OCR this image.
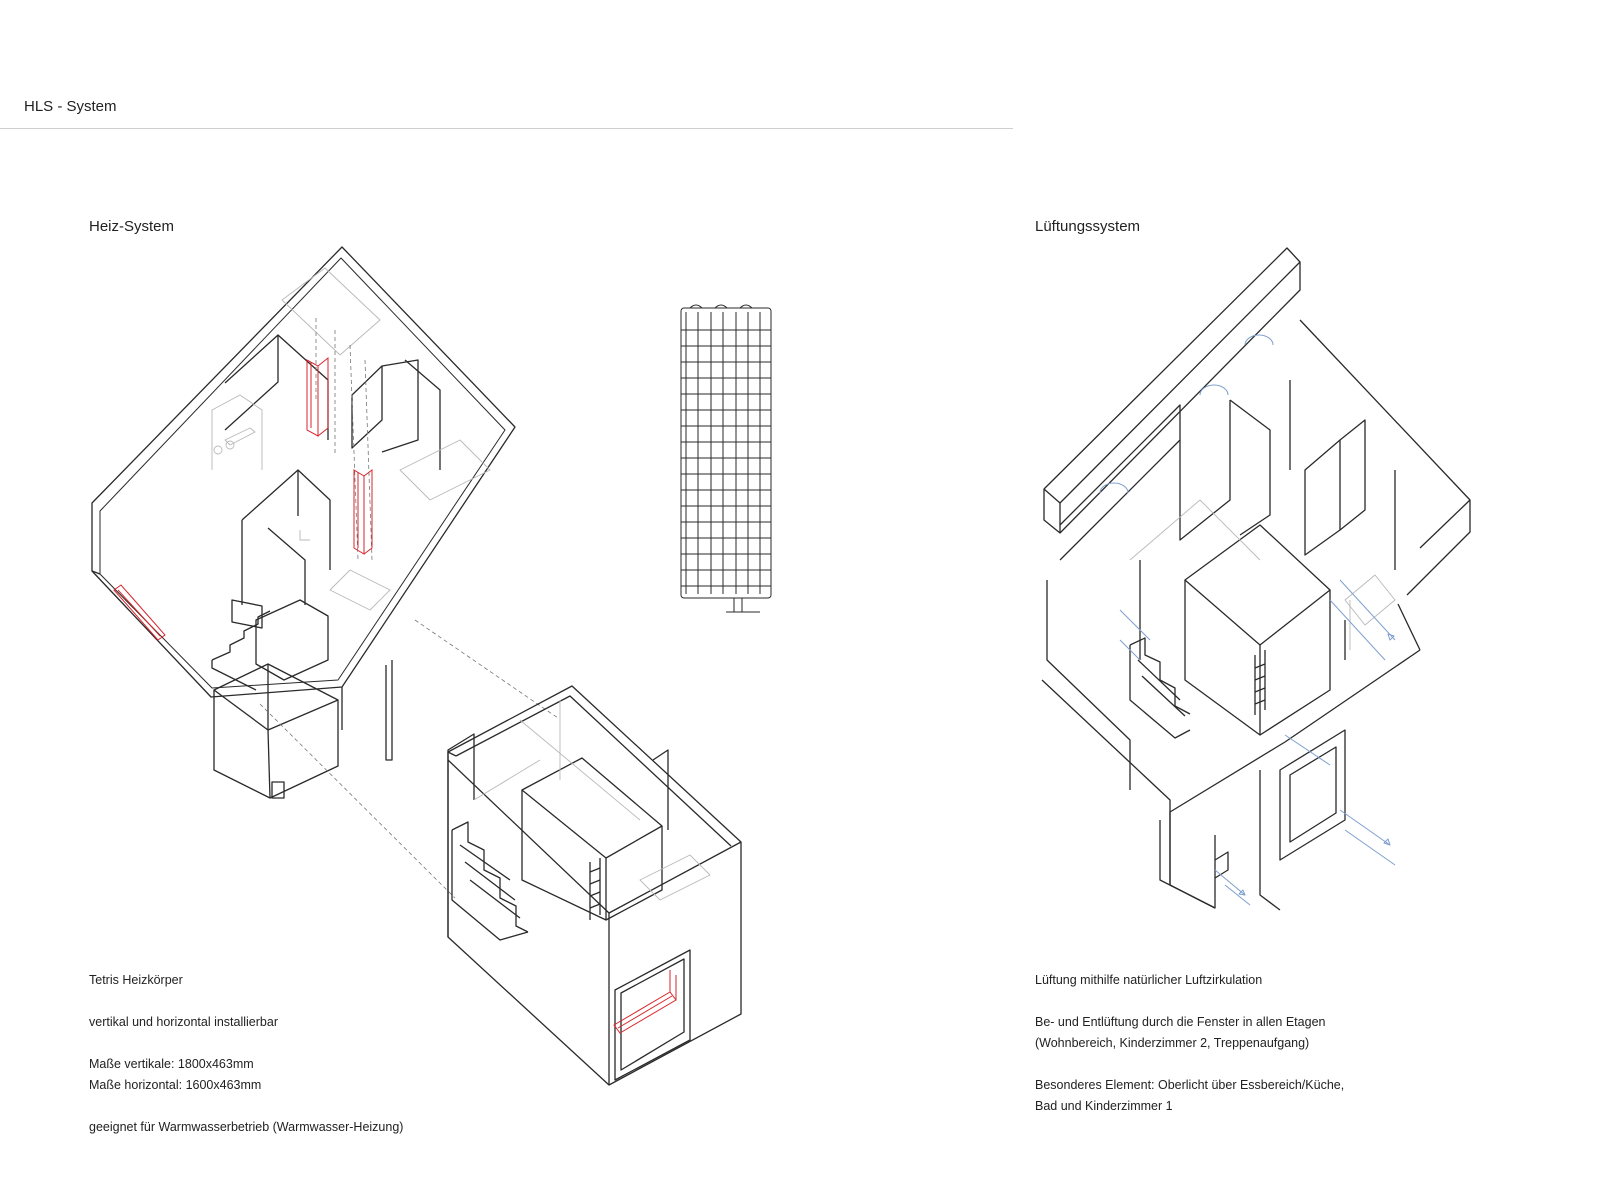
HLS - System
Heiz-System	Lüftungssystem

Tetris Heizkörper

vertikal und horizontal installierbar

Maße vertikale: 1800x463mm

Maße horizontal: 1600x463mm

geeignet für Warmwasserbetrieb (Warmwasser-Heizung)

Lüftung mithilfe natürlicher Luftzirkulation

Be- und Entlüftung durch die Fenster in allen Etagen

(Wohnbereich, Kinderzimmer 2, Treppenaufgang)

Besonderes Element: Oberlicht über Essbereich/Küche,

Bad und Kinderzimmer 1
